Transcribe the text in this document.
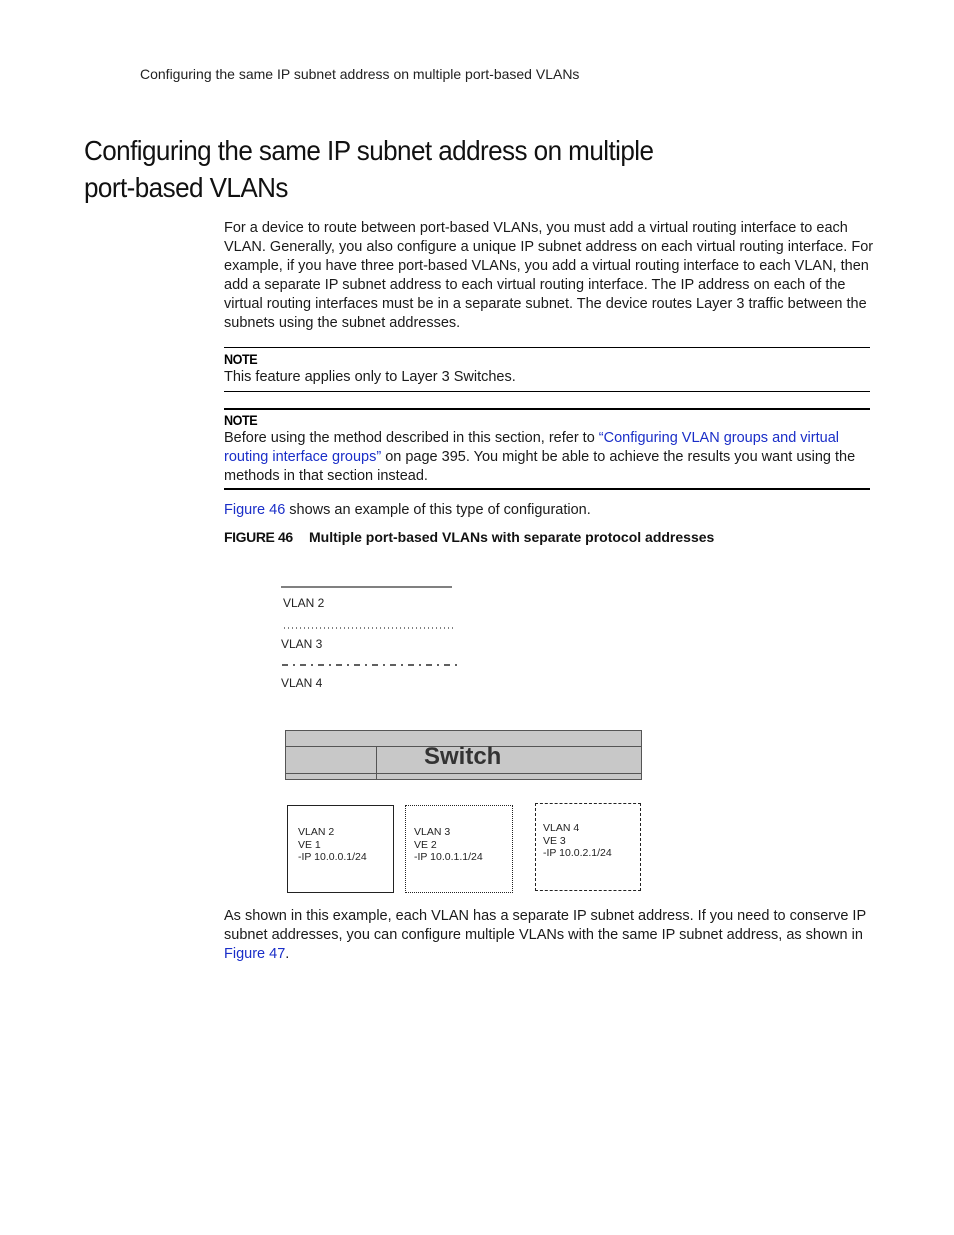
Configuring the same IP subnet address on multiple port-based VLANs
Configuring the same IP subnet address on multiple
port-based VLANs
For a device to route between port-based VLANs, you must add a virtual routing interface to each VLAN. Generally, you also configure a unique IP subnet address on each virtual routing interface. For example, if you have three port-based VLANs, you add a virtual routing interface to each VLAN, then add a separate IP subnet address to each virtual routing interface. The IP address on each of the virtual routing interfaces must be in a separate subnet. The device routes Layer 3 traffic between the subnets using the subnet addresses.
NOTE
This feature applies only to Layer 3 Switches.
NOTE
Before using the method described in this section, refer to “Configuring VLAN groups and virtual routing interface groups” on page 395. You might be able to achieve the results you want using the methods in that section instead.
Figure 46 shows an example of this type of configuration.
FIGURE 46 Multiple port-based VLANs with separate protocol addresses
VLAN 2
VLAN 3
VLAN 4
Switch
VLAN 2
VE 1
-IP 10.0.0.1/24
VLAN 3
VE 2
-IP 10.0.1.1/24
VLAN 4
VE 3
-IP 10.0.2.1/24
As shown in this example, each VLAN has a separate IP subnet address. If you need to conserve IP subnet addresses, you can configure multiple VLANs with the same IP subnet address, as shown in Figure 47.
